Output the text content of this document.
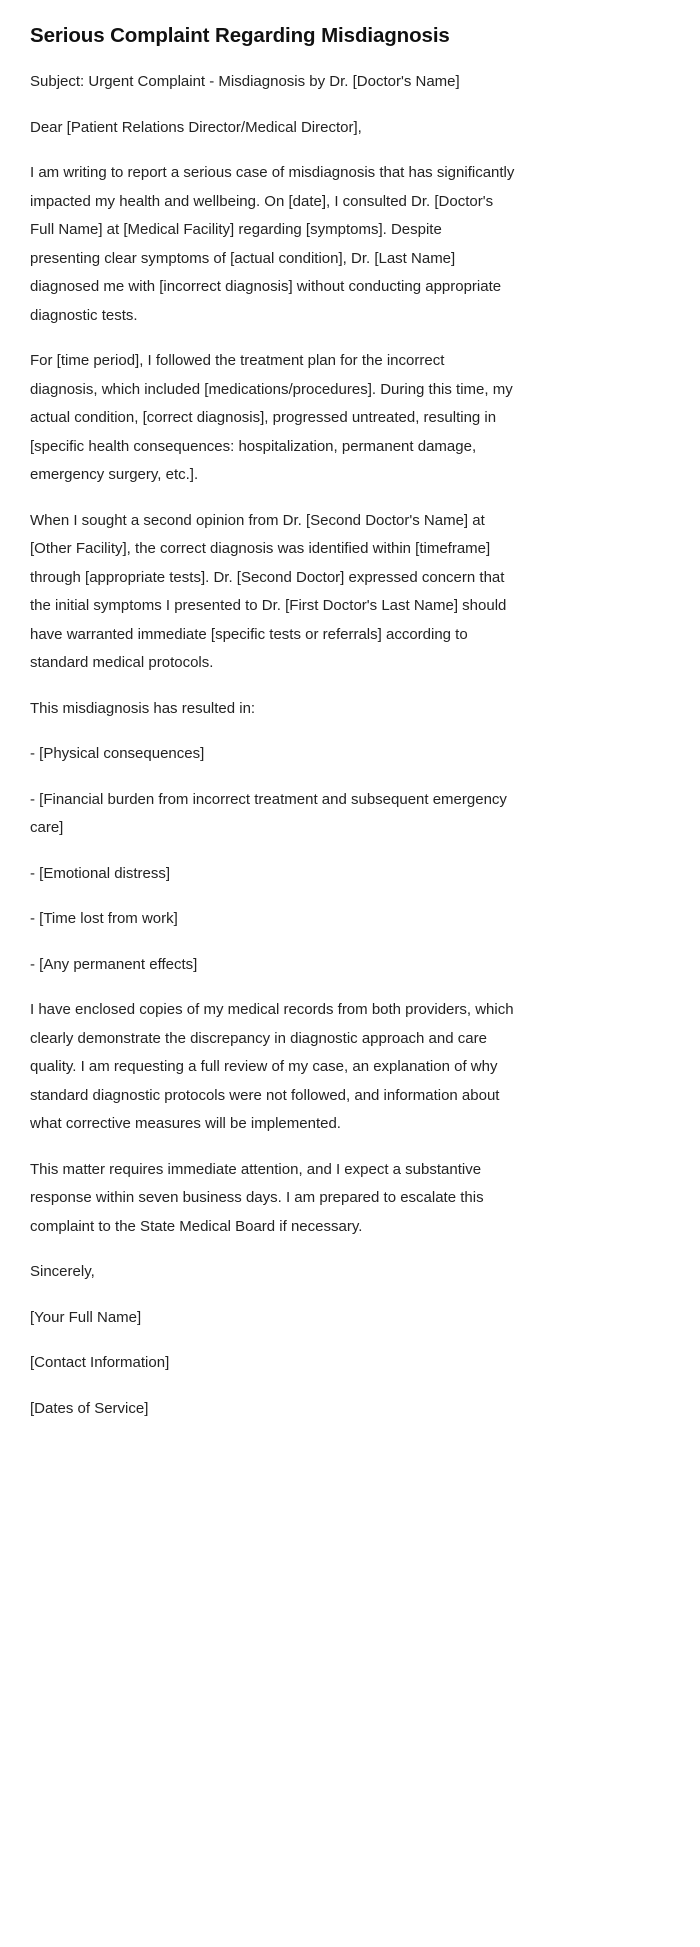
Serious Complaint Regarding Misdiagnosis

Subject: Urgent Complaint - Misdiagnosis by Dr. [Doctor's Name]

Dear [Patient Relations Director/Medical Director],

I am writing to report a serious case of misdiagnosis that has significantly impacted my health and wellbeing. On [date], I consulted Dr. [Doctor's Full Name] at [Medical Facility] regarding [symptoms]. Despite presenting clear symptoms of [actual condition], Dr. [Last Name] diagnosed me with [incorrect diagnosis] without conducting appropriate diagnostic tests.

For [time period], I followed the treatment plan for the incorrect diagnosis, which included [medications/procedures]. During this time, my actual condition, [correct diagnosis], progressed untreated, resulting in [specific health consequences: hospitalization, permanent damage, emergency surgery, etc.].

When I sought a second opinion from Dr. [Second Doctor's Name] at [Other Facility], the correct diagnosis was identified within [timeframe] through [appropriate tests]. Dr. [Second Doctor] expressed concern that the initial symptoms I presented to Dr. [First Doctor's Last Name] should have warranted immediate [specific tests or referrals] according to standard medical protocols.

This misdiagnosis has resulted in:

- [Physical consequences]

- [Financial burden from incorrect treatment and subsequent emergency care]

- [Emotional distress]

- [Time lost from work]

- [Any permanent effects]

I have enclosed copies of my medical records from both providers, which clearly demonstrate the discrepancy in diagnostic approach and care quality. I am requesting a full review of my case, an explanation of why standard diagnostic protocols were not followed, and information about what corrective measures will be implemented.

This matter requires immediate attention, and I expect a substantive response within seven business days. I am prepared to escalate this complaint to the State Medical Board if necessary.

Sincerely,

[Your Full Name]

[Contact Information]

[Dates of Service]
